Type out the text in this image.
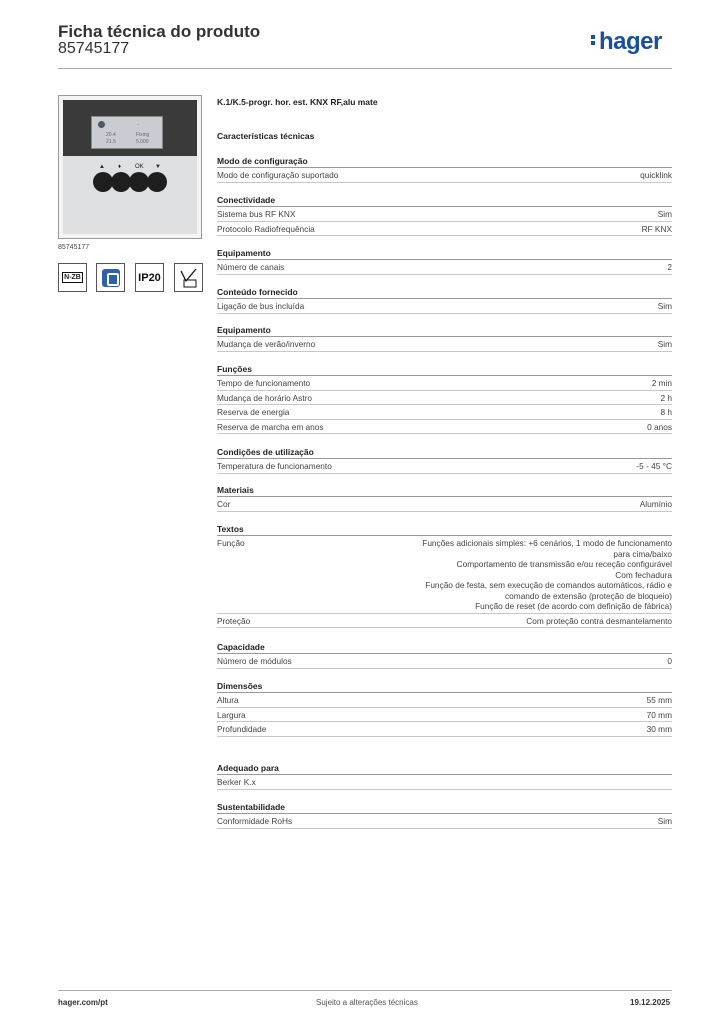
Ficha técnica do produto
85745177	hager
←
20.4
21.5
Fixing
5.000
▲ ♦ OK ▼
85745177
N-ZB	IP20
K.1/K.5-progr. hor. est. KNX RF,alu mate
Características técnicas
Modo de configuração
Modo de configuração suportado	quicklink
Conectividade
Sistema bus RF KNX	Sim
Protocolo Radiofrequência	RF KNX
Equipamento
Número de canais	2
Conteúdo fornecido
Ligação de bus incluída	Sim
Equipamento
Mudança de verão/inverno	Sim
Funções
Tempo de funcionamento	2 min
Mudança de horário Astro	2 h
Reserva de energia	8 h
Reserva de marcha em anos	0 anos
Condições de utilização
Temperatura de funcionamento	-5 - 45 °C
Materiais
Cor	Alumínio
Textos
Função	Funções adicionais simples: +6 cenários, 1 modo de funcionamento
para cima/baixo
Comportamento de transmissão e/ou receção configurável
Com fechadura
Função de festa, sem execução de comandos automáticos, rádio e
comando de extensão (proteção de bloqueio)
Função de reset (de acordo com definição de fábrica)
Proteção	Com proteção contra desmantelamento
Capacidade
Número de módulos	0
Dimensões
Altura	55 mm
Largura	70 mm
Profundidade	30 mm
Adequado para
Berker K.x

Sustentabilidade
Conformidade RoHs	Sim
hager.com/pt	Sujeito a alterações técnicas	19.12.2025
